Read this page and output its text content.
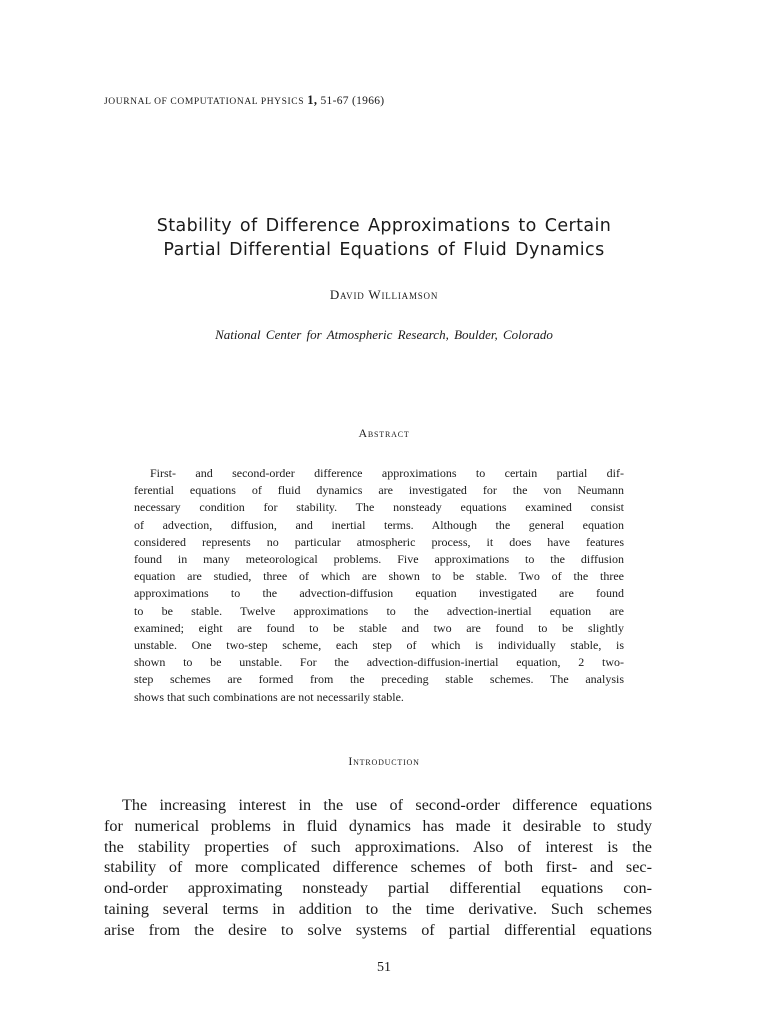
JOURNAL OF COMPUTATIONAL PHYSICS 1, 51-67 (1966)
Stability of Difference Approximations to Certain
Partial Differential Equations of Fluid Dynamics
David Williamson
National Center for Atmospheric Research, Boulder, Colorado
Abstract
First- and second-order difference approximations to certain partial dif-
ferential equations of fluid dynamics are investigated for the von Neumann
necessary condition for stability. The nonsteady equations examined consist
of advection, diffusion, and inertial terms. Although the general equation
considered represents no particular atmospheric process, it does have features
found in many meteorological problems. Five approximations to the diffusion
equation are studied, three of which are shown to be stable. Two of the three
approximations to the advection-diffusion equation investigated are found
to be stable. Twelve approximations to the advection-inertial equation are
examined; eight are found to be stable and two are found to be slightly
unstable. One two-step scheme, each step of which is individually stable, is
shown to be unstable. For the advection-diffusion-inertial equation, 2 two-
step schemes are formed from the preceding stable schemes. The analysis
shows that such combinations are not necessarily stable.
Introduction
The increasing interest in the use of second-order difference equations
for numerical problems in fluid dynamics has made it desirable to study
the stability properties of such approximations. Also of interest is the
stability of more complicated difference schemes of both first- and sec-
ond-order approximating nonsteady partial differential equations con-
taining several terms in addition to the time derivative. Such schemes
arise from the desire to solve systems of partial differential equations
51
